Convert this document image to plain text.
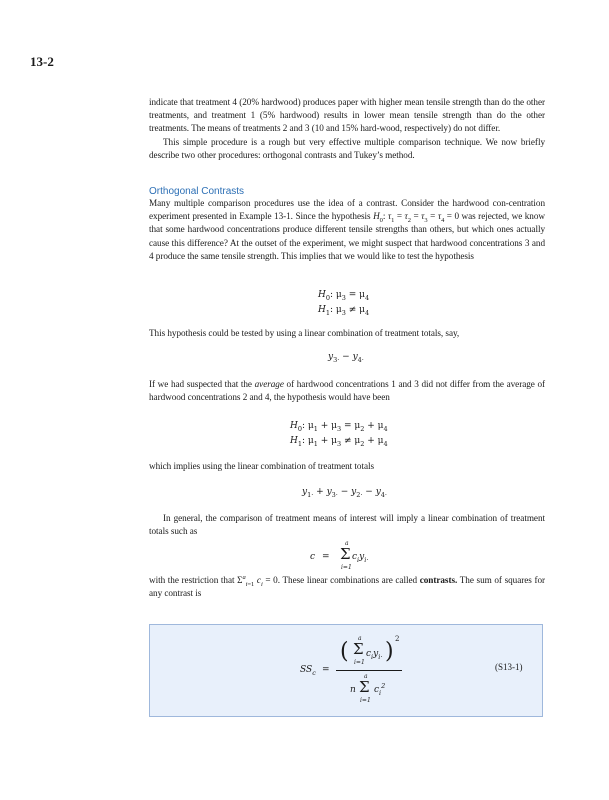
13-2

indicate that treatment 4 (20% hardwood) produces paper with higher mean tensile strength than do the other treatments, and treatment 1 (5% hardwood) results in lower mean tensile strength than do the other treatments. The means of treatments 2 and 3 (10 and 15% hard-wood, respectively) do not differ.

This simple procedure is a rough but very effective multiple comparison technique. We now briefly describe two other procedures: orthogonal contrasts and Tukey’s method.

Orthogonal Contrasts

Many multiple comparison procedures use the idea of a contrast. Consider the hardwood con-centration experiment presented in Example 13-1. Since the hypothesis $H_0$: $\tau_1 = \tau_2 = \tau_3 = \tau_4 = 0$ was rejected, we know that some hardwood concentrations produce different tensile strengths than others, but which ones actually cause this difference? At the outset of the experiment, we might suspect that hardwood concentrations 3 and 4 produce the same tensile strength. This implies that we would like to test the hypothesis

$H_0$: $\mu_3 = \mu_4$
$H_1$: $\mu_3 \ne \mu_4$

This hypothesis could be tested by using a linear combination of treatment totals, say,

$y_{3\cdot} - y_{4\cdot}$

If we had suspected that the average of hardwood concentrations 1 and 3 did not differ from the average of hardwood concentrations 2 and 4, the hypothesis would have been

$H_0$: $\mu_1 + \mu_3 = \mu_2 + \mu_4$
$H_1$: $\mu_1 + \mu_3 \ne \mu_2 + \mu_4$

which implies using the linear combination of treatment totals

$y_{1\cdot} + y_{3\cdot} - y_{2\cdot} - y_{4\cdot}$

In general, the comparison of treatment means of interest will imply a linear combination of treatment totals such as

c =
a
Σ
i=1
$c_iy_{i\cdot}$

with the restriction that $\Sigma^a_{i=1}$ $c_i = 0$. These linear combinations are called contrasts. The sum of squares for any contrast is

$SS_c$ =
(
a
Σ
i=1
$c_iy_{i\cdot}$ ) 2
n
a
Σ
i=1
$c_i^2$
(S13-1)
